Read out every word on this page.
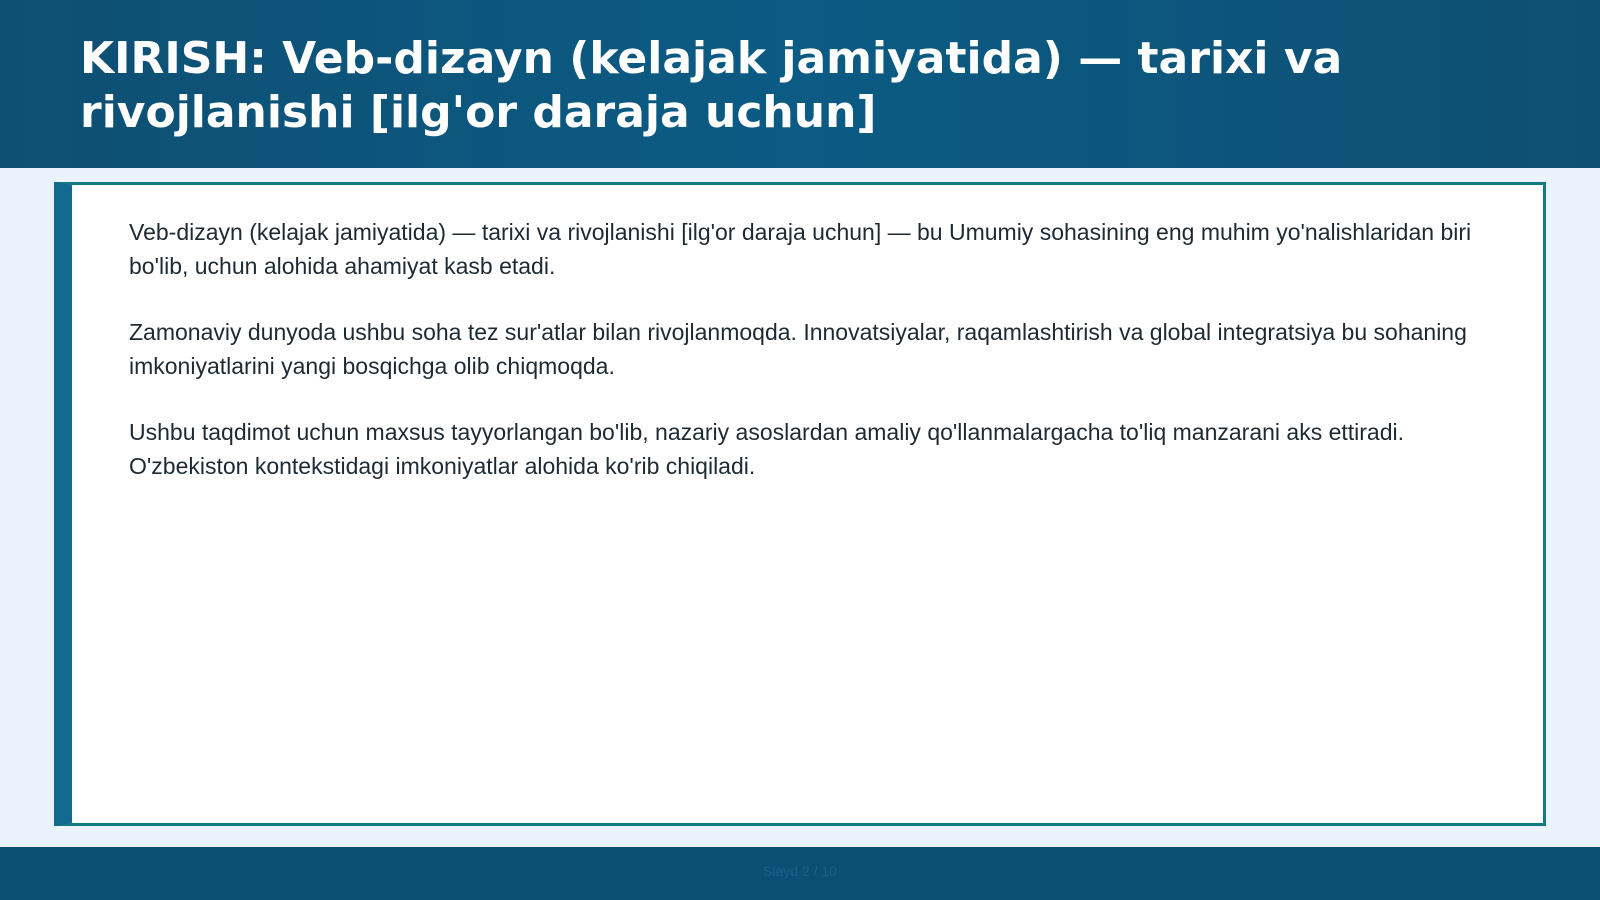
KIRISH: Veb-dizayn (kelajak jamiyatida) — tarixi va rivojlanishi [ilg'or daraja uchun]

Veb-dizayn (kelajak jamiyatida) — tarixi va rivojlanishi [ilg'or daraja uchun] — bu Umumiy sohasining eng muhim yo'nalishlaridan biri bo'lib, uchun alohida ahamiyat kasb etadi.

Zamonaviy dunyoda ushbu soha tez sur'atlar bilan rivojlanmoqda. Innovatsiyalar, raqamlashtirish va global integratsiya bu sohaning imkoniyatlarini yangi bosqichga olib chiqmoqda.

Ushbu taqdimot uchun maxsus tayyorlangan bo'lib, nazariy asoslardan amaliy qo'llanmalargacha to'liq manzarani aks ettiradi. O'zbekiston kontekstidagi imkoniyatlar alohida ko'rib chiqiladi.

Slayd 2 / 10
